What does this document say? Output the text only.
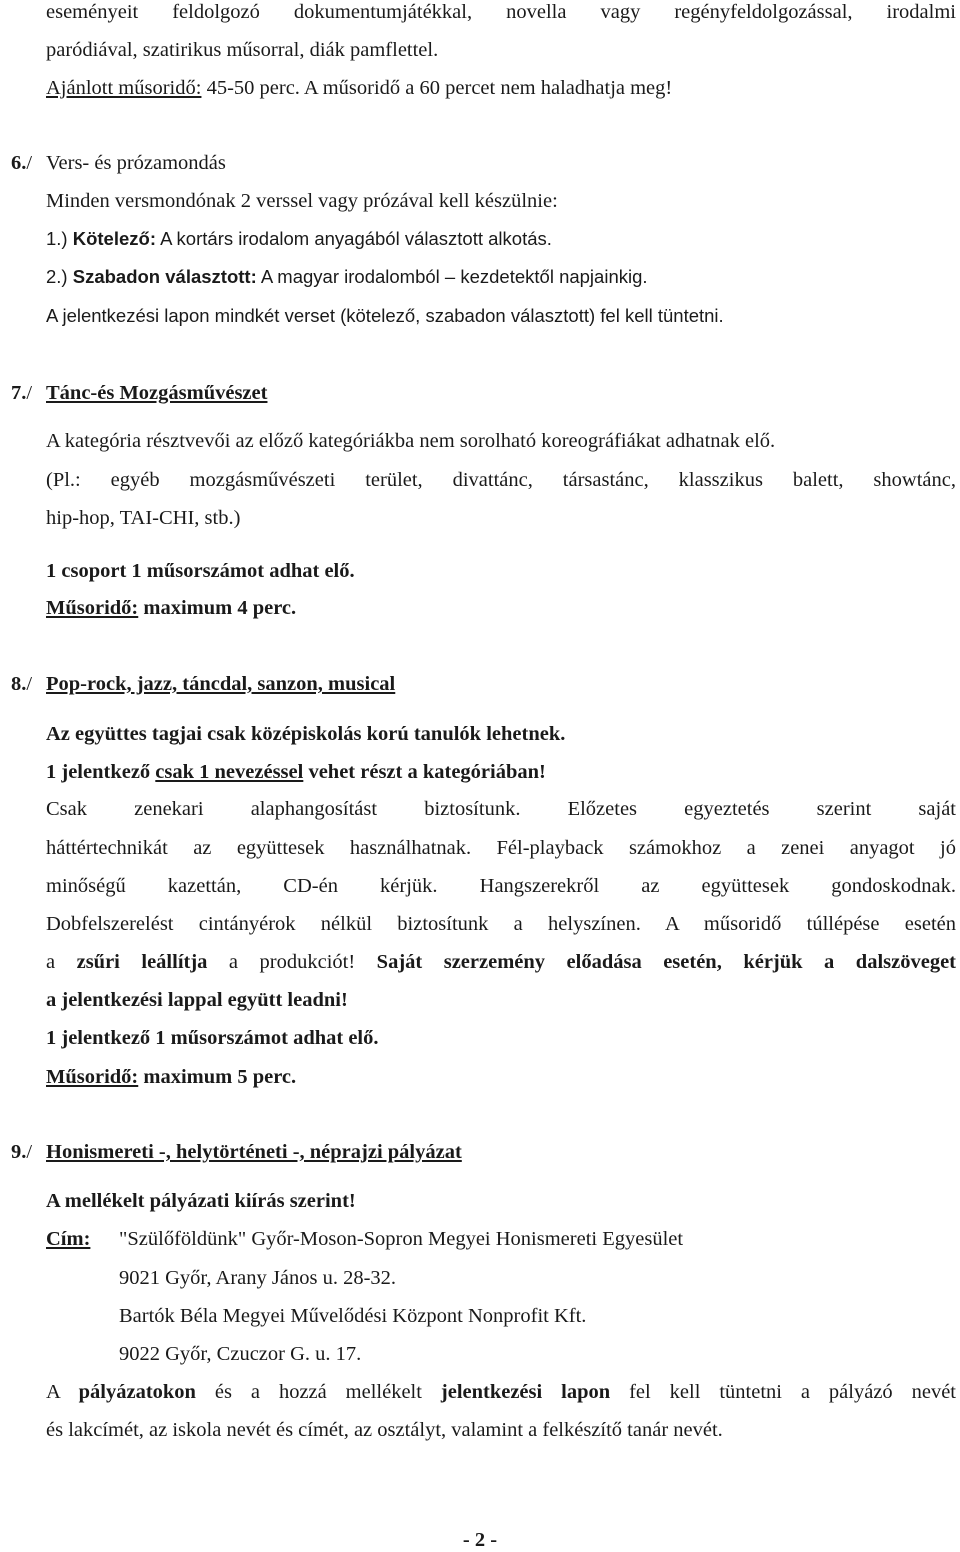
eseményeit feldolgozó dokumentumjátékkal, novella vagy regényfeldolgozással, irodalmi
paródiával, szatirikus műsorral, diák pamflettel.
Ajánlott műsoridő: 45-50 perc. A műsoridő a 60 percet nem haladhatja meg!
6./ Vers- és prózamondás
Minden versmondónak 2 verssel vagy prózával kell készülnie:
1.) Kötelező: A kortárs irodalom anyagából választott alkotás.
2.) Szabadon választott: A magyar irodalomból – kezdetektől napjainkig.
A jelentkezési lapon mindkét verset (kötelező, szabadon választott) fel kell tüntetni.
7./ Tánc-és Mozgásművészet
A kategória résztvevői az előző kategóriákba nem sorolható koreográfiákat adhatnak elő.
(Pl.: egyéb mozgásművészeti terület, divattánc, társastánc, klasszikus balett, showtánc,
hip-hop, TAI-CHI, stb.)
1 csoport 1 műsorszámot adhat elő.
Műsoridő: maximum 4 perc.
8./ Pop-rock, jazz, táncdal, sanzon, musical
Az együttes tagjai csak középiskolás korú tanulók lehetnek.
1 jelentkező csak 1 nevezéssel vehet részt a kategóriában!
Csak zenekari alaphangosítást biztosítunk. Előzetes egyeztetés szerint saját
háttértechnikát az együttesek használhatnak. Fél-playback számokhoz a zenei anyagot jó
minőségű kazettán, CD-én kérjük. Hangszerekről az együttesek gondoskodnak.
Dobfelszerelést cintányérok nélkül biztosítunk a helyszínen. A műsoridő túllépése esetén
a zsűri leállítja a produkciót! Saját szerzemény előadása esetén, kérjük a dalszöveget
a jelentkezési lappal együtt leadni!
1 jelentkező 1 műsorszámot adhat elő.
Műsoridő: maximum 5 perc.
9./ Honismereti -, helytörténeti -, néprajzi pályázat
A mellékelt pályázati kiírás szerint!
Cím: "Szülőföldünk" Győr-Moson-Sopron Megyei Honismereti Egyesület
9021 Győr, Arany János u. 28-32.
Bartók Béla Megyei Művelődési Központ Nonprofit Kft.
9022 Győr, Czuczor G. u. 17.
A pályázatokon és a hozzá mellékelt jelentkezési lapon fel kell tüntetni a pályázó nevét
és lakcímét, az iskola nevét és címét, az osztályt, valamint a felkészítő tanár nevét.
- 2 -
